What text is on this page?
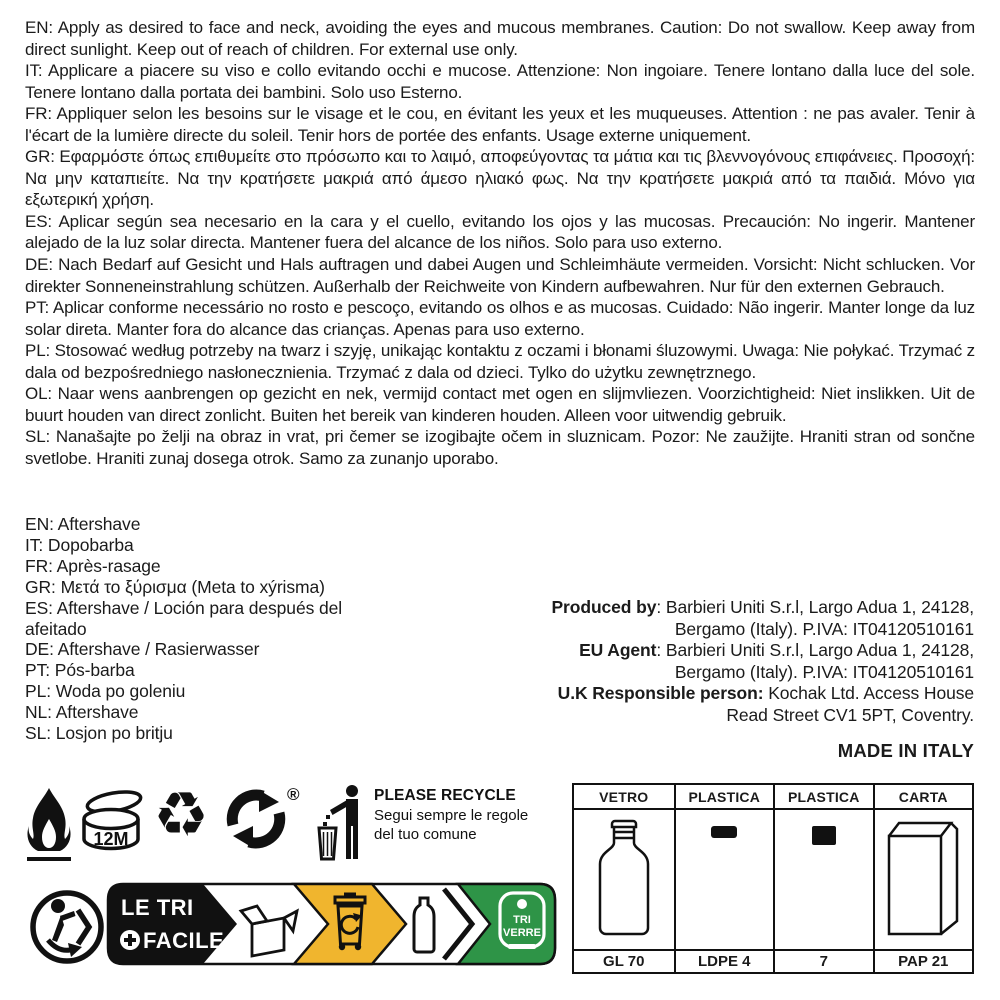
EN: Apply as desired to face and neck, avoiding the eyes and mucous membranes. Caution: Do not swallow. Keep away from direct sunlight. Keep out of reach of children. For external use only.

IT: Applicare a piacere su viso e collo evitando occhi e mucose. Attenzione: Non ingoiare. Tenere lontano dalla luce del sole. Tenere lontano dalla portata dei bambini. Solo uso Esterno.

FR: Appliquer selon les besoins sur le visage et le cou, en évitant les yeux et les muqueuses. Attention : ne pas avaler. Tenir à l'écart de la lumière directe du soleil. Tenir hors de portée des enfants. Usage externe uniquement.

GR: Εφαρμόστε όπως επιθυμείτε στο πρόσωπο και το λαιμό, αποφεύγοντας τα μάτια και τις βλεννογόνους επιφάνειες. Προσοχή: Να μην καταπιείτε. Να την κρατήσετε μακριά από άμεσο ηλιακό φως. Να την κρατήσετε μακριά από τα παιδιά. Μόνο για εξωτερική χρήση.

ES: Aplicar según sea necesario en la cara y el cuello, evitando los ojos y las mucosas. Precaución: No ingerir. Mantener alejado de la luz solar directa. Mantener fuera del alcance de los niños. Solo para uso externo.

DE: Nach Bedarf auf Gesicht und Hals auftragen und dabei Augen und Schleimhäute vermeiden. Vorsicht: Nicht schlucken. Vor direkter Sonneneinstrahlung schützen. Außerhalb der Reichweite von Kindern aufbewahren. Nur für den externen Gebrauch.

PT: Aplicar conforme necessário no rosto e pescoço, evitando os olhos e as mucosas. Cuidado: Não ingerir. Manter longe da luz solar direta. Manter fora do alcance das crianças. Apenas para uso externo.

PL: Stosować według potrzeby na twarz i szyję, unikając kontaktu z oczami i błonami śluzowymi. Uwaga: Nie połykać. Trzymać z dala od bezpośredniego nasłonecznienia. Trzymać z dala od dzieci. Tylko do użytku zewnętrznego.

OL: Naar wens aanbrengen op gezicht en nek, vermijd contact met ogen en slijmvliezen. Voorzichtigheid: Niet inslikken. Uit de buurt houden van direct zonlicht. Buiten het bereik van kinderen houden. Alleen voor uitwendig gebruik.

SL: Nanašajte po želji na obraz in vrat, pri čemer se izogibajte očem in sluznicam. Pozor: Ne zaužijte. Hraniti stran od sončne svetlobe. Hraniti zunaj dosega otrok. Samo za zunanjo uporabo.

EN: Aftershave
IT: Dopobarba
FR: Après-rasage
GR: Μετά το ξύρισμα (Meta to xýrisma)
ES: Aftershave / Loción para después del afeitado
DE: Aftershave / Rasierwasser
PT: Pós-barba
PL: Woda po goleniu
NL: Aftershave
SL: Losjon po britju
Produced by: Barbieri Uniti S.r.l, Largo Adua 1, 24128,
Bergamo (Italy). P.IVA: IT04120510161
EU Agent: Barbieri Uniti S.r.l, Largo Adua 1, 24128,
Bergamo (Italy). P.IVA: IT04120510161
U.K Responsible person: Kochak Ltd. Access House
Read Street CV1 5PT, Coventry.
MADE IN ITALY
12M ♻	®	PLEASE RECYCLE
Segui sempre le regole
del tuo comune
LE TRI
FACILE
TRI
VERRE
VETRO	PLASTICA	PLASTICA	CARTA
GL 70	LDPE 4	7	PAP 21
